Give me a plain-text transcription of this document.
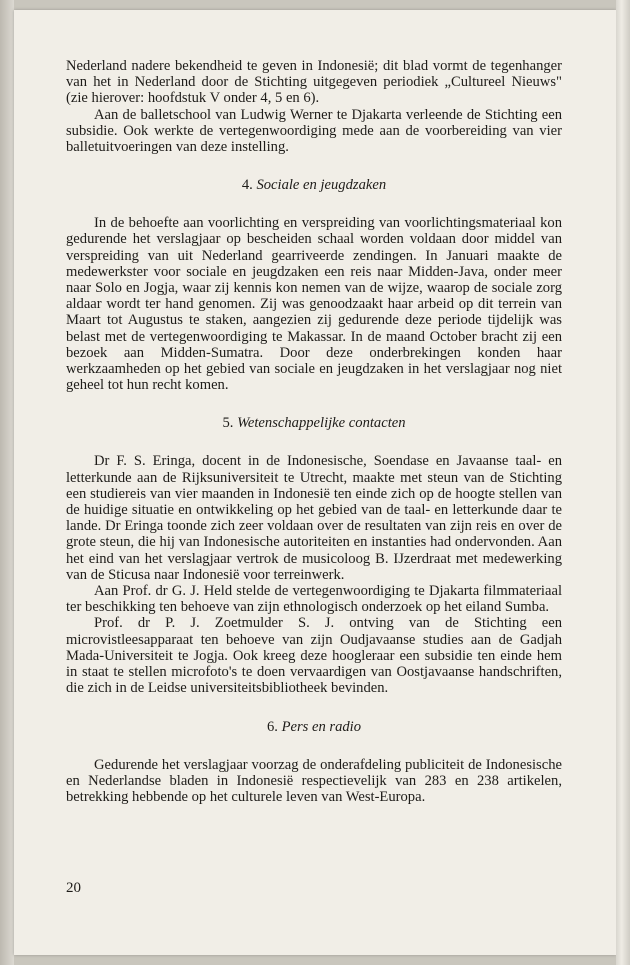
Nederland nadere bekendheid te geven in Indonesië; dit blad vormt de tegenhanger van het in Nederland door de Stichting uitgegeven periodiek „Cultureel Nieuws" (zie hierover: hoofdstuk V onder 4, 5 en 6).

Aan de balletschool van Ludwig Werner te Djakarta verleende de Stichting een subsidie. Ook werkte de vertegenwoordiging mede aan de voorbereiding van vier balletuitvoeringen van deze instelling.

4. Sociale en jeugdzaken

In de behoefte aan voorlichting en verspreiding van voorlichtingsmateriaal kon gedurende het verslagjaar op bescheiden schaal worden voldaan door middel van verspreiding van uit Nederland gearriveerde zendingen. In Januari maakte de medewerkster voor sociale en jeugdzaken een reis naar Midden-Java, onder meer naar Solo en Jogja, waar zij kennis kon nemen van de wijze, waarop de sociale zorg aldaar wordt ter hand genomen. Zij was genoodzaakt haar arbeid op dit terrein van Maart tot Augustus te staken, aangezien zij gedurende deze periode tijdelijk was belast met de vertegenwoordiging te Makassar. In de maand October bracht zij een bezoek aan Midden-Sumatra. Door deze onderbrekingen konden haar werkzaamheden op het gebied van sociale en jeugdzaken in het verslagjaar nog niet geheel tot hun recht komen.

5. Wetenschappelijke contacten

Dr F. S. Eringa, docent in de Indonesische, Soendase en Javaanse taal- en letterkunde aan de Rijksuniversiteit te Utrecht, maakte met steun van de Stichting een studiereis van vier maanden in Indonesië ten einde zich op de hoogte stellen van de huidige situatie en ontwikkeling op het gebied van de taal- en letterkunde daar te lande. Dr Eringa toonde zich zeer voldaan over de resultaten van zijn reis en over de grote steun, die hij van Indonesische autoriteiten en instanties had ondervonden. Aan het eind van het verslagjaar vertrok de musicoloog B. IJzerdraat met medewerking van de Sticusa naar Indonesië voor terreinwerk.

Aan Prof. dr G. J. Held stelde de vertegenwoordiging te Djakarta filmmateriaal ter beschikking ten behoeve van zijn ethnologisch onderzoek op het eiland Sumba.

Prof. dr P. J. Zoetmulder S. J. ontving van de Stichting een microvistleesapparaat ten behoeve van zijn Oudjavaanse studies aan de Gadjah Mada-Universiteit te Jogja. Ook kreeg deze hoogleraar een subsidie ten einde hem in staat te stellen microfoto's te doen vervaardigen van Oostjavaanse handschriften, die zich in de Leidse universiteitsbibliotheek bevinden.

6. Pers en radio

Gedurende het verslagjaar voorzag de onderafdeling publiciteit de Indonesische en Nederlandse bladen in Indonesië respectievelijk van 283 en 238 artikelen, betrekking hebbende op het culturele leven van West-Europa.

20
